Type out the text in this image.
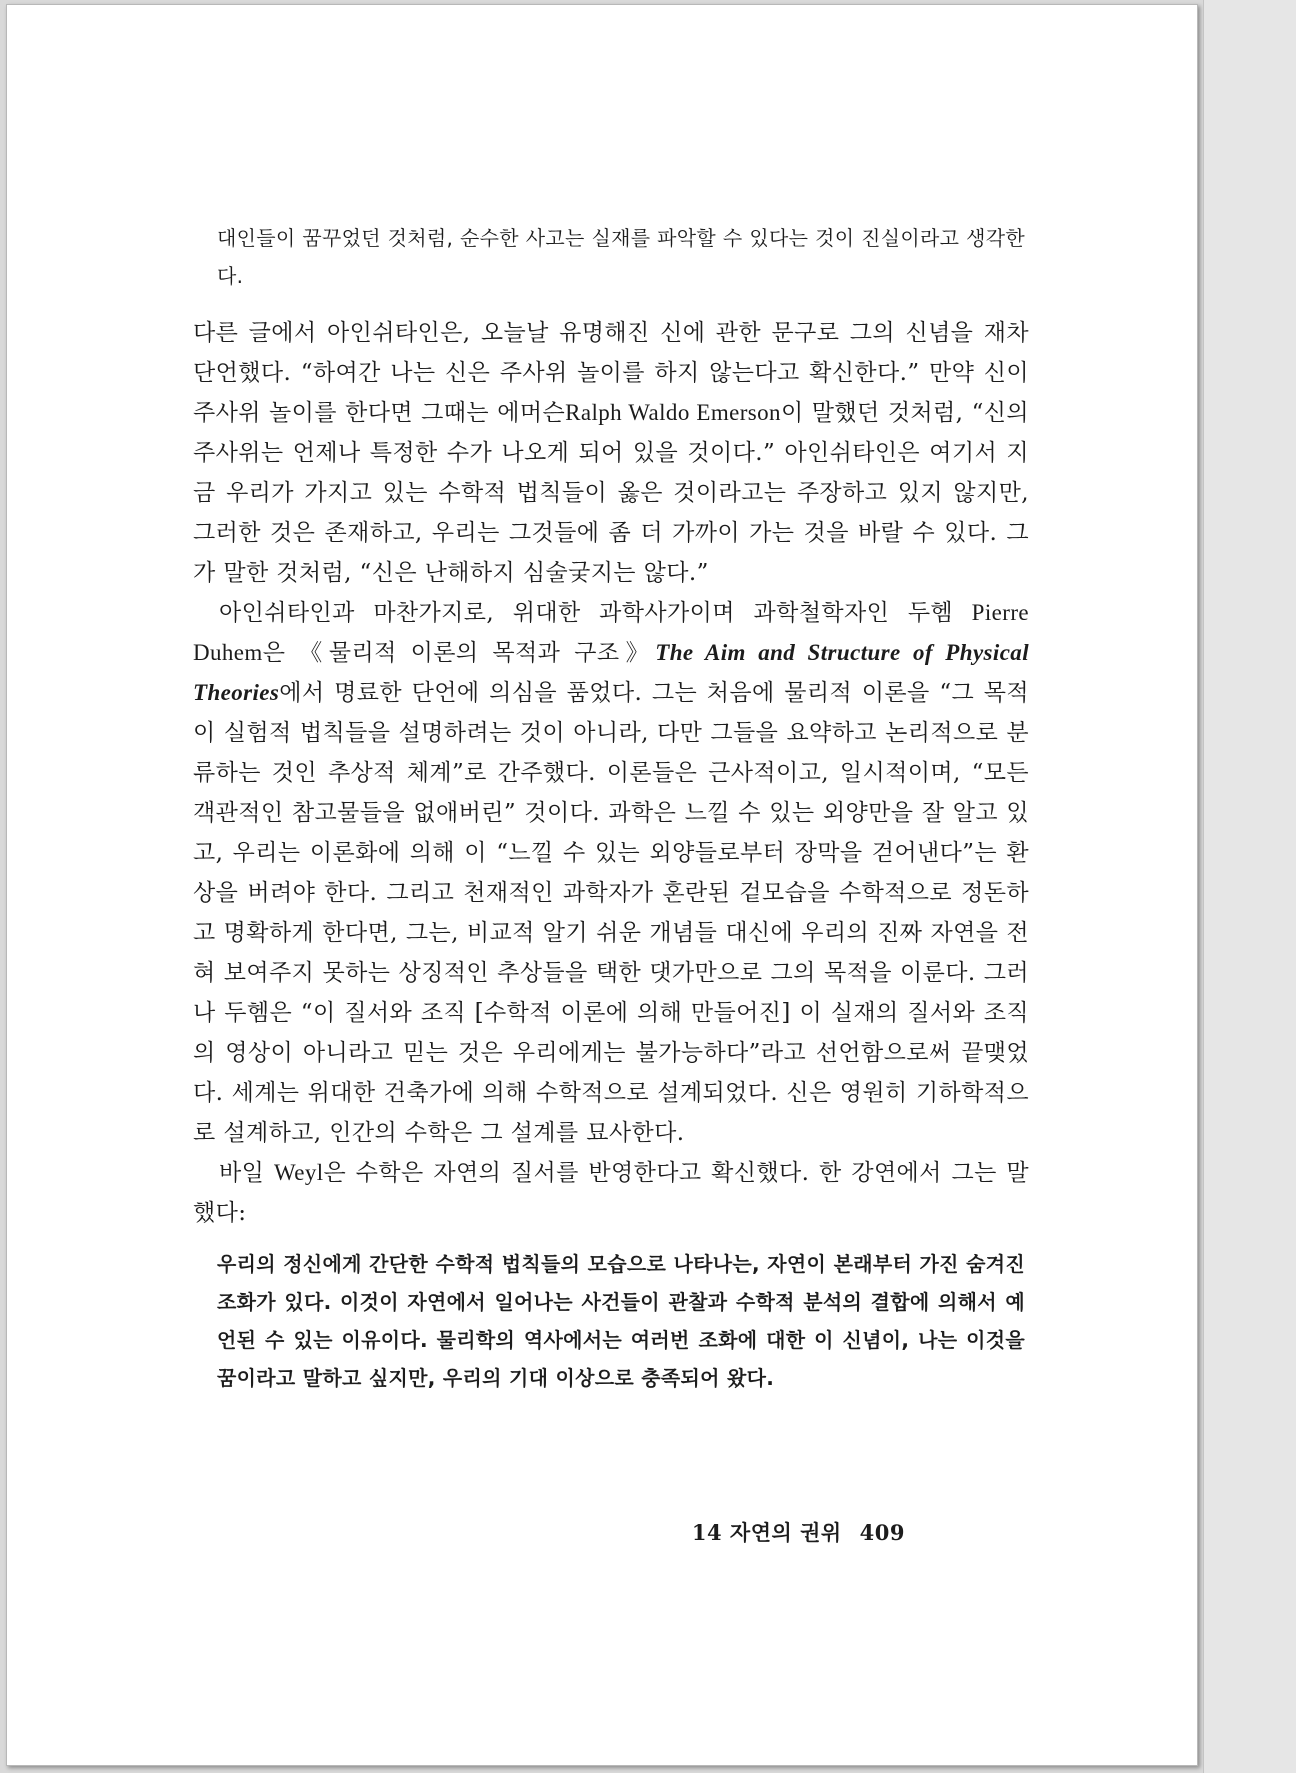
대인들이 꿈꾸었던 것처럼, 순수한 사고는 실재를 파악할 수 있다는 것이 진실이라고 생각한다.

다른 글에서 아인쉬타인은, 오늘날 유명해진 신에 관한 문구로 그의 신념을 재차 단언했다. “하여간 나는 신은 주사위 놀이를 하지 않는다고 확신한다.” 만약 신이 주사위 놀이를 한다면 그때는 에머슨Ralph Waldo Emerson이 말했던 것처럼, “신의 주사위는 언제나 특정한 수가 나오게 되어 있을 것이다.” 아인쉬타인은 여기서 지금 우리가 가지고 있는 수학적 법칙들이 옳은 것이라고는 주장하고 있지 않지만, 그러한 것은 존재하고, 우리는 그것들에 좀 더 가까이 가는 것을 바랄 수 있다. 그가 말한 것처럼, “신은 난해하지 심술궂지는 않다.”

아인쉬타인과 마찬가지로, 위대한 과학사가이며 과학철학자인 두헴 Pierre Duhem은 《물리적 이론의 목적과 구조》The Aim and Structure of Physical Theories에서 명료한 단언에 의심을 품었다. 그는 처음에 물리적 이론을 “그 목적이 실험적 법칙들을 설명하려는 것이 아니라, 다만 그들을 요약하고 논리적으로 분류하는 것인 추상적 체계”로 간주했다. 이론들은 근사적이고, 일시적이며, “모든 객관적인 참고물들을 없애버린” 것이다. 과학은 느낄 수 있는 외양만을 잘 알고 있고, 우리는 이론화에 의해 이 “느낄 수 있는 외양들로부터 장막을 걷어낸다”는 환상을 버려야 한다. 그리고 천재적인 과학자가 혼란된 겉모습을 수학적으로 정돈하고 명확하게 한다면, 그는, 비교적 알기 쉬운 개념들 대신에 우리의 진짜 자연을 전혀 보여주지 못하는 상징적인 추상들을 택한 댓가만으로 그의 목적을 이룬다. 그러나 두헴은 “이 질서와 조직 [수학적 이론에 의해 만들어진] 이 실재의 질서와 조직의 영상이 아니라고 믿는 것은 우리에게는 불가능하다”라고 선언함으로써 끝맺었다. 세계는 위대한 건축가에 의해 수학적으로 설계되었다. 신은 영원히 기하학적으로 설계하고, 인간의 수학은 그 설계를 묘사한다.

바일 Weyl은 수학은 자연의 질서를 반영한다고 확신했다. 한 강연에서 그는 말했다:

우리의 정신에게 간단한 수학적 법칙들의 모습으로 나타나는, 자연이 본래부터 가진 숨겨진 조화가 있다. 이것이 자연에서 일어나는 사건들이 관찰과 수학적 분석의 결합에 의해서 예언된 수 있는 이유이다. 물리학의 역사에서는 여러번 조화에 대한 이 신념이, 나는 이것을 꿈이라고 말하고 싶지만, 우리의 기대 이상으로 충족되어 왔다.

14 자연의 권위 409
